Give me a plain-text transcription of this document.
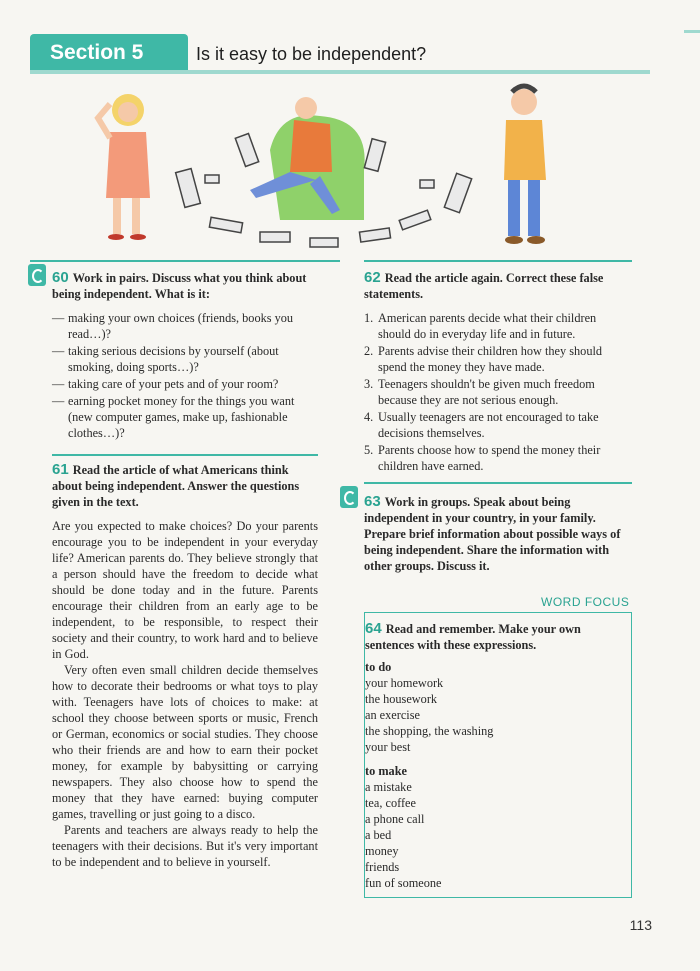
Section 5	Is it easy to be independent?
60 Work in pairs. Discuss what you think about being independent. What is it:
— making your own choices (friends, books you read…)?
— taking serious decisions by yourself (about smoking, doing sports…)?
— taking care of your pets and of your room?
— earning pocket money for the things you want (new computer games, make up, fashionable clothes…)?
61 Read the article of what Americans think about being independent. Answer the questions given in the text.

Are you expected to make choices? Do your parents encourage you to be independent in your everyday life? American parents do. They believe strongly that a person should have the freedom to decide what should be done today and in the future. Parents encourage their children from an early age to be independent, to be responsible, to respect their society and their country, to work hard and to believe in God.

Very often even small children decide themselves how to decorate their bedrooms or what toys to play with. Teenagers have lots of choices to make: at school they choose between sports or music, French or German, economics or social studies. They choose who their friends are and how to earn their pocket money, for example by babysitting or carrying newspapers. They also choose how to spend the money that they have earned: buying computer games, travelling or just going to a disco.

Parents and teachers are always ready to help the teenagers with their decisions. But it's very important to be independent and to believe in yourself.

62 Read the article again. Correct these false statements.
1. American parents decide what their children should do in everyday life and in future.
2. Parents advise their children how they should spend the money they have made.
3. Teenagers shouldn't be given much freedom because they are not serious enough.
4. Usually teenagers are not encouraged to take decisions themselves.
5. Parents choose how to spend the money their children have earned.
63 Work in groups. Speak about being independent in your country, in your family. Prepare brief information about possible ways of being independent. Share the information with other groups. Discuss it.
WORD FOCUS
64 Read and remember. Make your own sentences with these expressions.
to do
your homework
the housework
an exercise
the shopping, the washing
your best
to make
a mistake
tea, coffee
a phone call
a bed
money
friends
fun of someone
113
